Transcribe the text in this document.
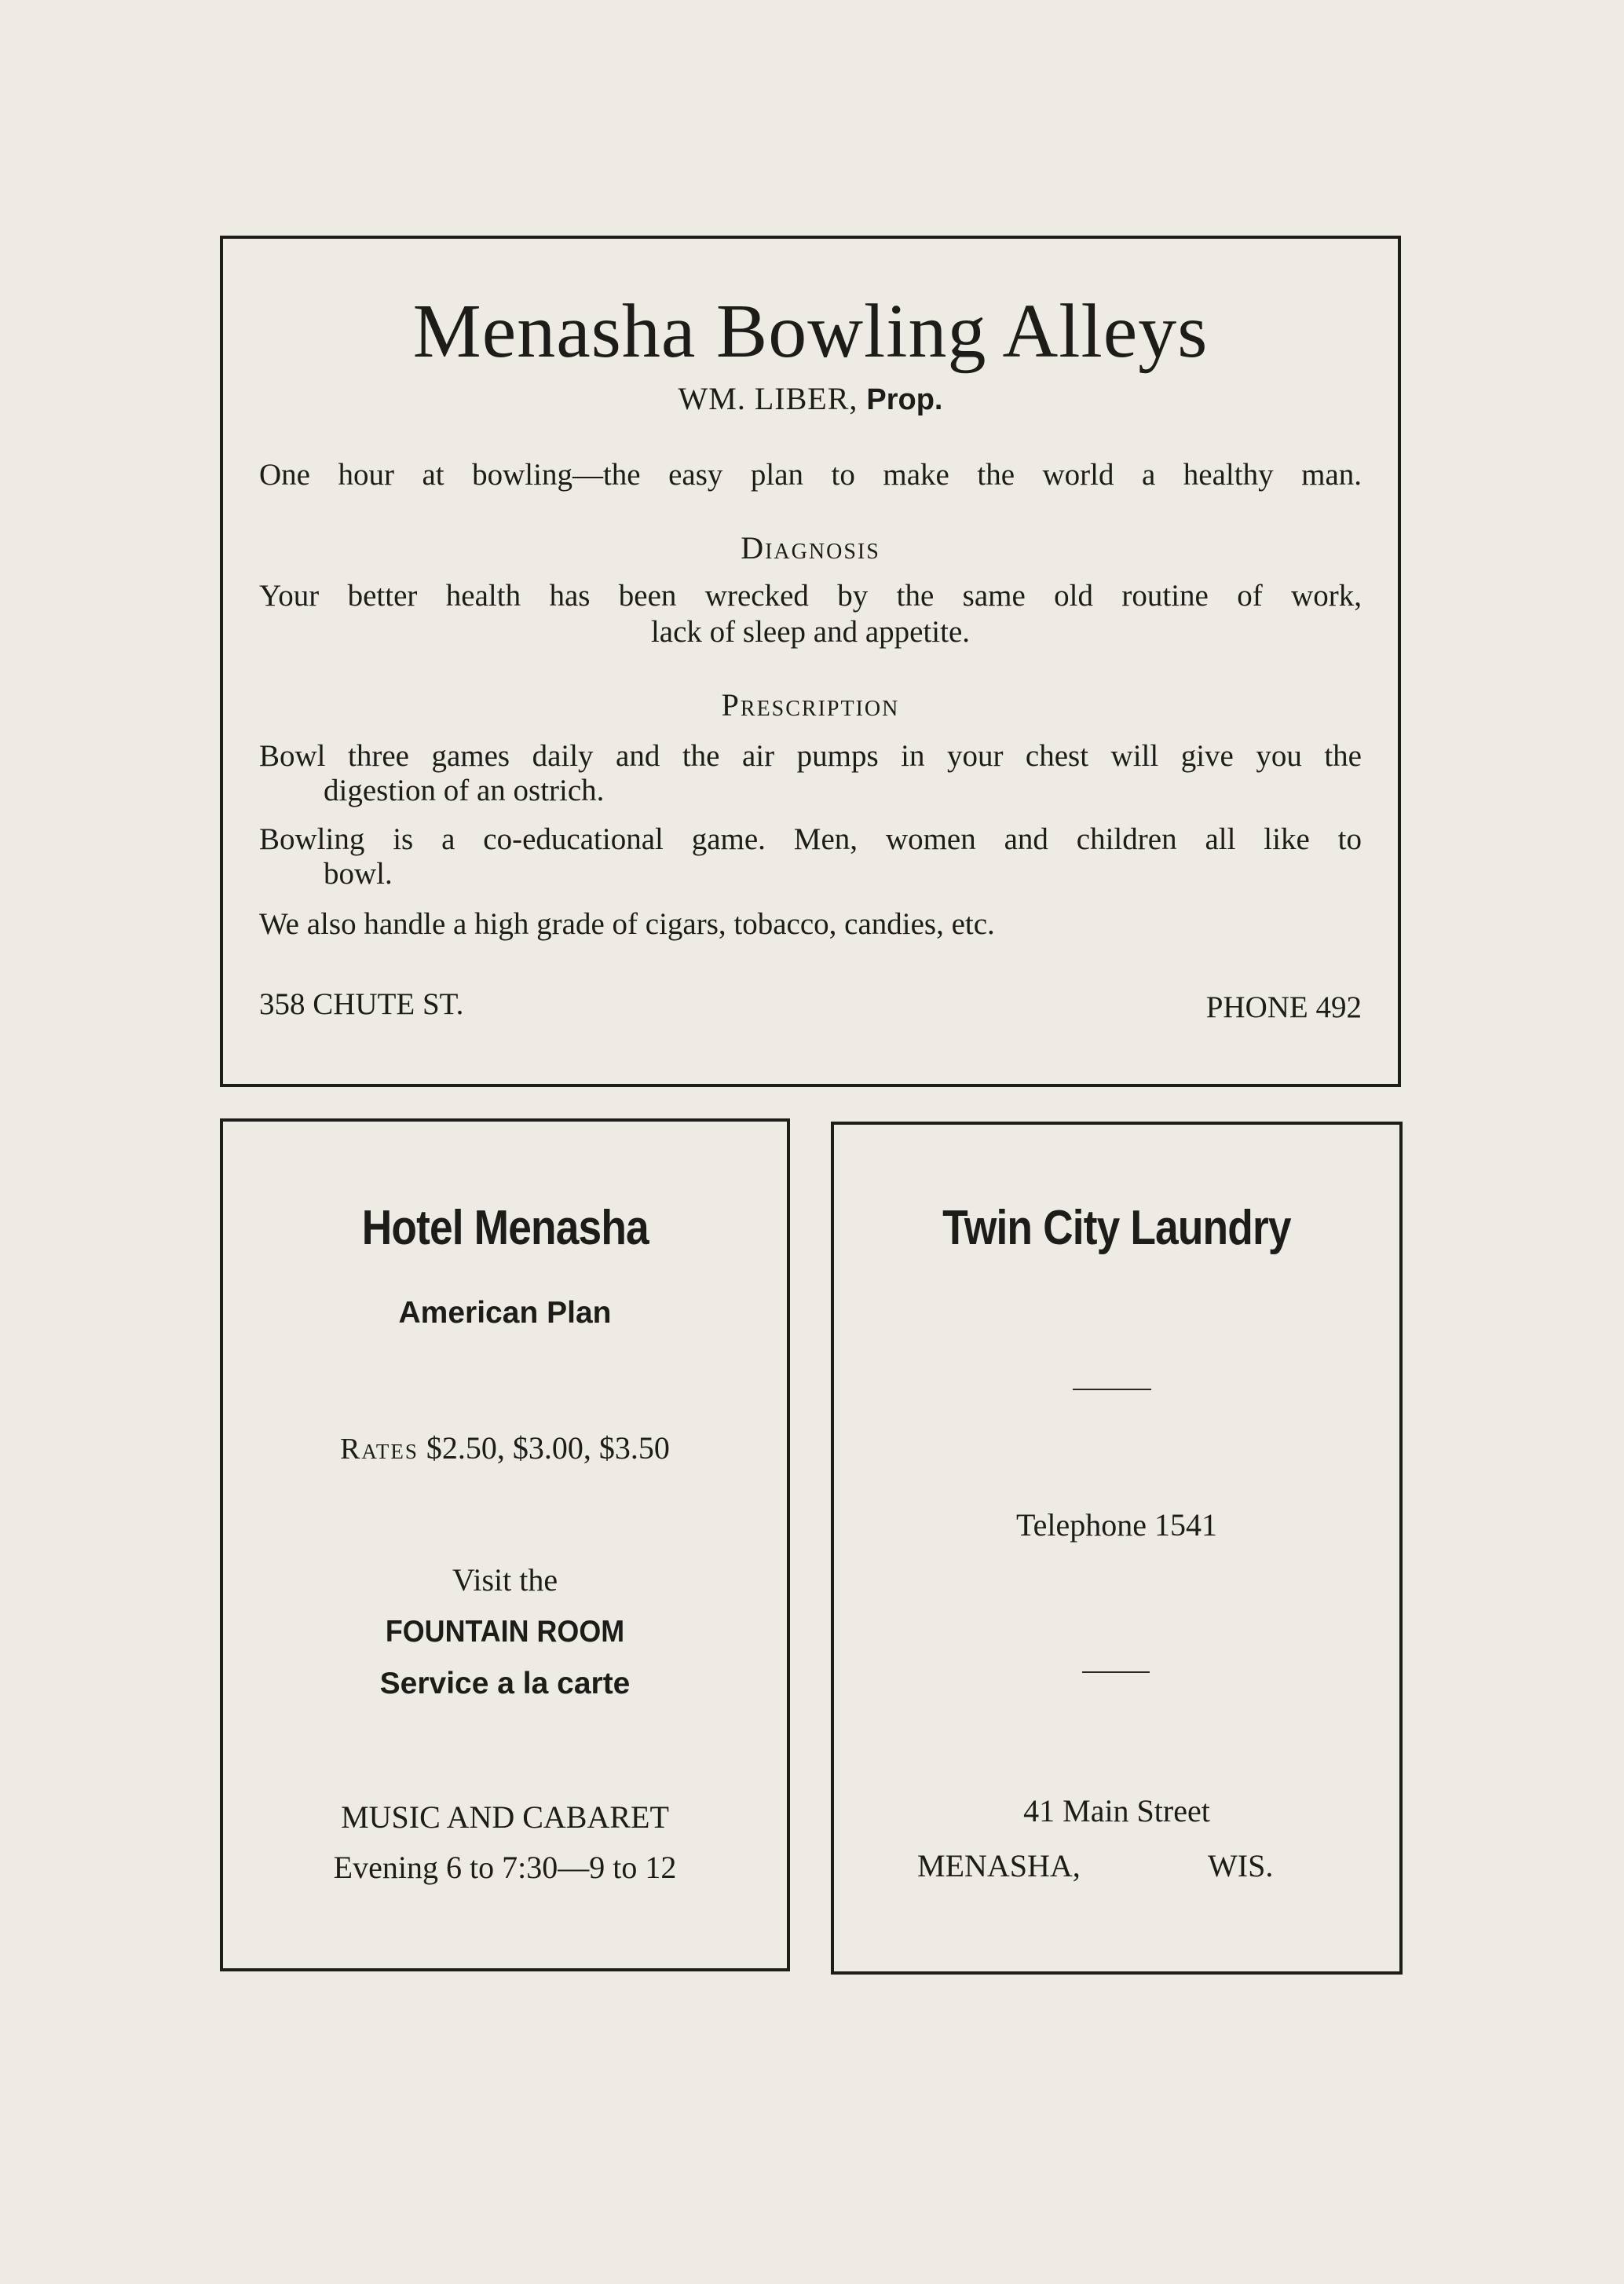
Menasha Bowling Alleys
WM. LIBER, Prop.
One hour at bowling—the easy plan to make the world a healthy man.
Diagnosis
Your better health has been wrecked by the same old routine of work,
lack of sleep and appetite.
Prescription
Bowl three games daily and the air pumps in your chest will give you the
digestion of an ostrich.
Bowling is a co-educational game. Men, women and children all like to
bowl.
We also handle a high grade of cigars, tobacco, candies, etc.
358 CHUTE ST.	PHONE 492
Hotel Menasha
American Plan
Rates $2.50, $3.00, $3.50
Visit the
FOUNTAIN ROOM
Service a la carte
MUSIC AND CABARET
Evening 6 to 7:30—9 to 12
Twin City Laundry
Telephone 1541
41 Main Street
MENASHA,	WIS.
